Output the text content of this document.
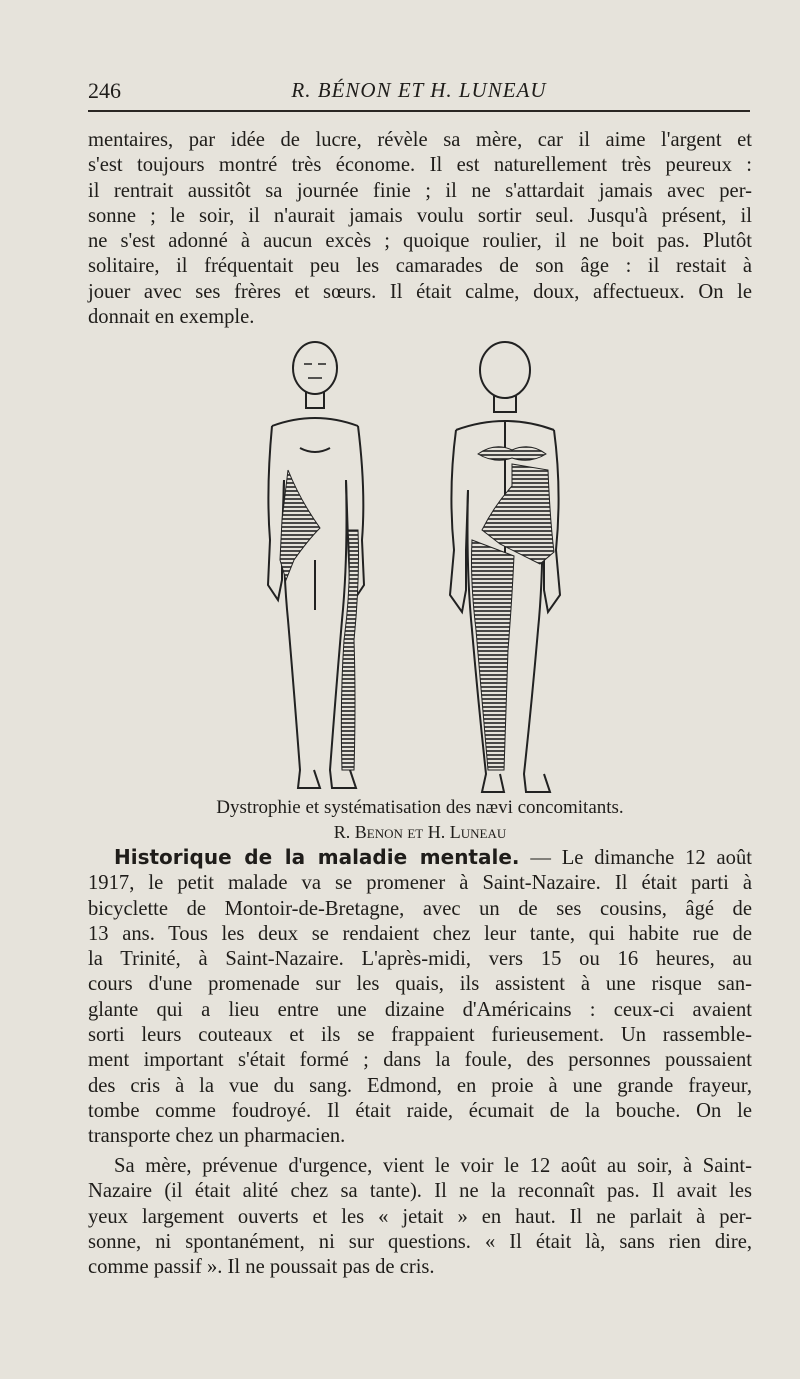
246	R. BÉNON ET H. LUNEAU
mentaires, par idée de lucre, révèle sa mère, car il aime l'argent et
s'est toujours montré très économe. Il est naturellement très peureux :
il rentrait aussitôt sa journée finie ; il ne s'attardait jamais avec per-
sonne ; le soir, il n'aurait jamais voulu sortir seul. Jusqu'à présent, il
ne s'est adonné à aucun excès ; quoique roulier, il ne boit pas. Plutôt
solitaire, il fréquentait peu les camarades de son âge : il restait à
jouer avec ses frères et sœurs. Il était calme, doux, affectueux. On le
donnait en exemple.
Dystrophie et systématisation des nævi concomitants.
R. Benon et H. Luneau
Historique de la maladie mentale. — Le dimanche 12 août
1917, le petit malade va se promener à Saint-Nazaire. Il était parti à
bicyclette de Montoir-de-Bretagne, avec un de ses cousins, âgé de
13 ans. Tous les deux se rendaient chez leur tante, qui habite rue de
la Trinité, à Saint-Nazaire. L'après-midi, vers 15 ou 16 heures, au
cours d'une promenade sur les quais, ils assistent à une risque san-
glante qui a lieu entre une dizaine d'Américains : ceux-ci avaient
sorti leurs couteaux et ils se frappaient furieusement. Un rassemble-
ment important s'était formé ; dans la foule, des personnes poussaient
des cris à la vue du sang. Edmond, en proie à une grande frayeur,
tombe comme foudroyé. Il était raide, écumait de la bouche. On le
transporte chez un pharmacien.
Sa mère, prévenue d'urgence, vient le voir le 12 août au soir, à Saint-
Nazaire (il était alité chez sa tante). Il ne la reconnaît pas. Il avait les
yeux largement ouverts et les « jetait » en haut. Il ne parlait à per-
sonne, ni spontanément, ni sur questions. « Il était là, sans rien dire,
comme passif ». Il ne poussait pas de cris.
